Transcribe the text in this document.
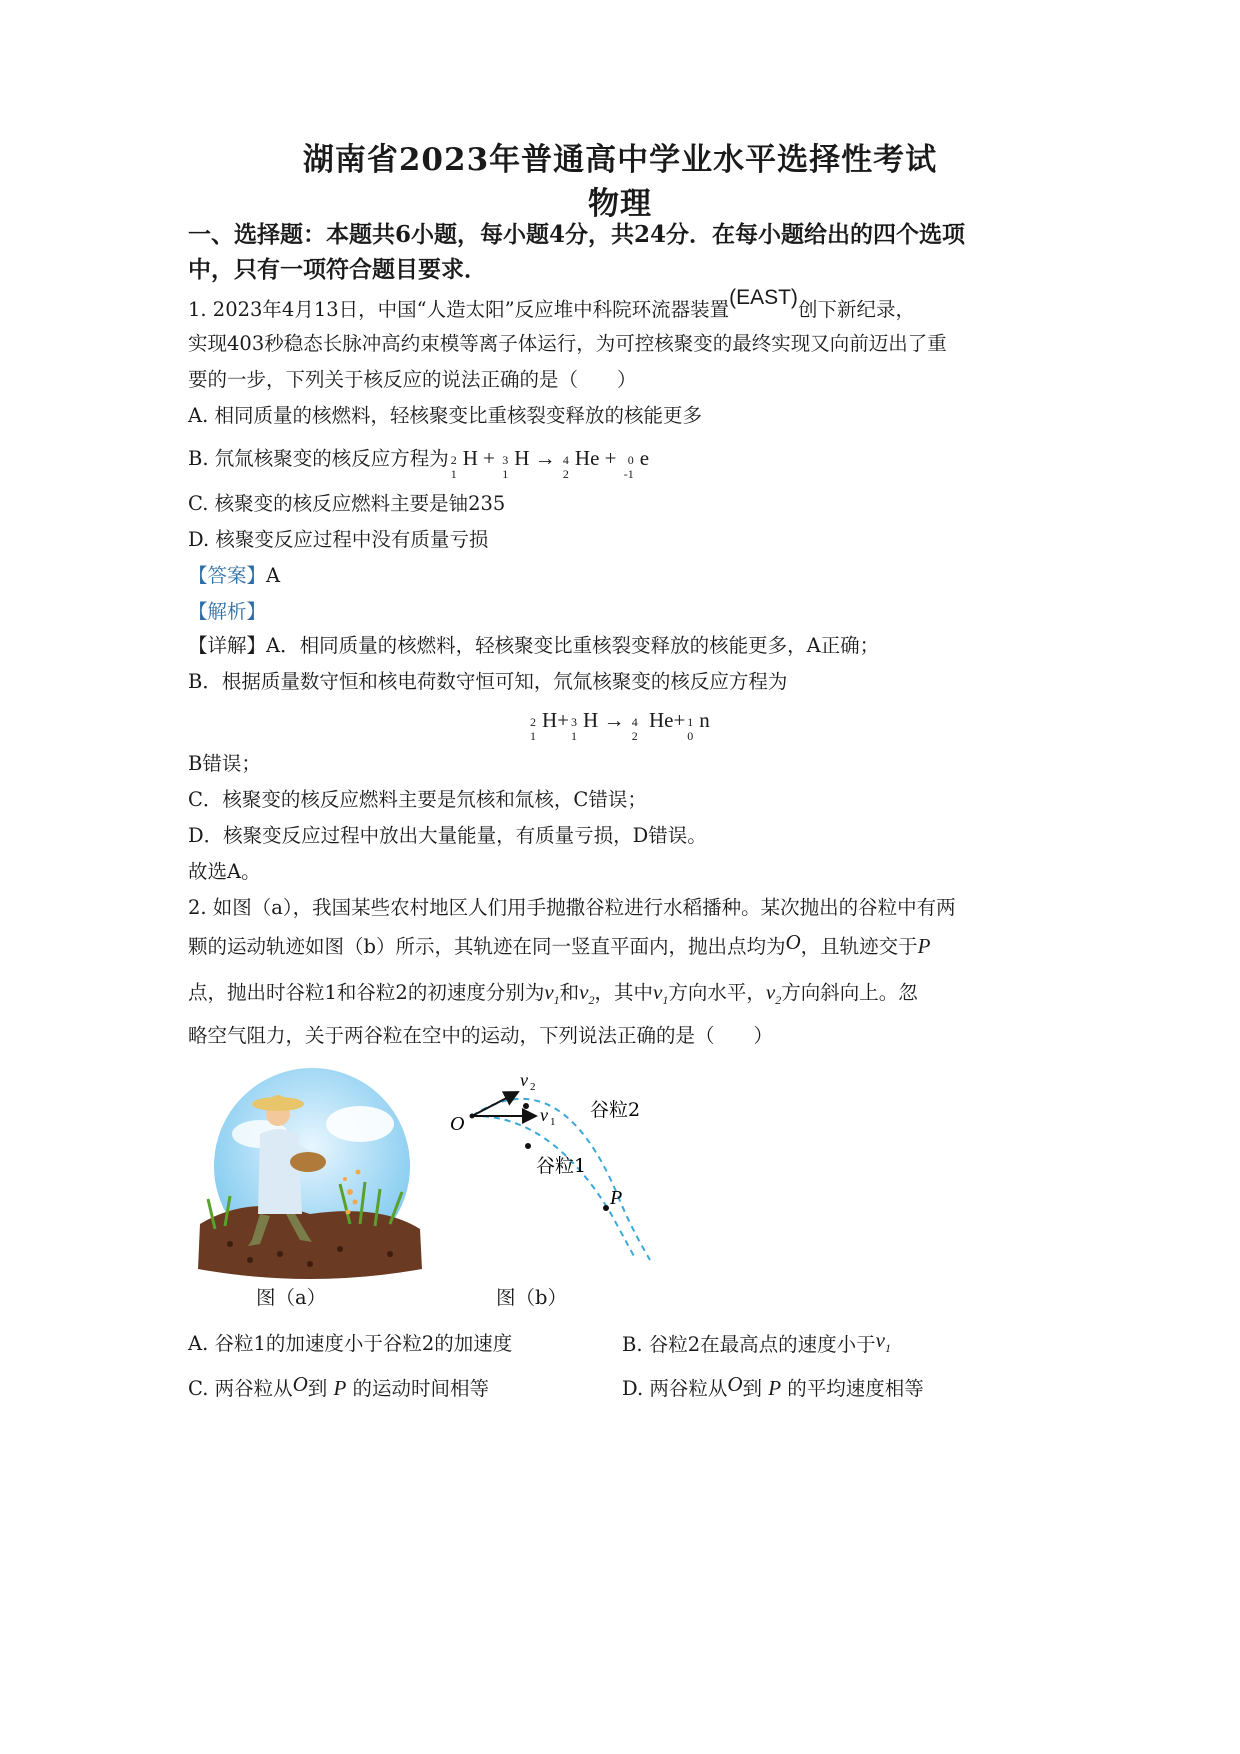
湖南省2023年普通高中学业水平选择性考试
物理
一、选择题：本题共6小题，每小题4分，共24分．在每小题给出的四个选项
中，只有一项符合题目要求．
1. 2023年4月13日，中国“人造太阳”反应堆中科院环流器装置(EAST)创下新纪录，
实现403秒稳态长脉冲高约束模等离子体运行，为可控核聚变的最终实现又向前迈出了重
要的一步，下列关于核反应的说法正确的是（　　）
A. 相同质量的核燃料，轻核聚变比重核裂变释放的核能更多
B. 氘氚核聚变的核反应方程为 2
1
H + 3
1
H → 4
2
He + 0
-1
e
C. 核聚变的核反应燃料主要是铀235
D. 核聚变反应过程中没有质量亏损
【答案】A
【解析】
【详解】A．相同质量的核燃料，轻核聚变比重核裂变释放的核能更多，A正确；
B．根据质量数守恒和核电荷数守恒可知，氘氚核聚变的核反应方程为
2
1
H+ 3
1
H → 4
2
He+ 1
0
n
B错误；
C．核聚变的核反应燃料主要是氘核和氚核，C错误；
D．核聚变反应过程中放出大量能量，有质量亏损，D错误。
故选A。
2. 如图（a），我国某些农村地区人们用手抛撒谷粒进行水稻播种。某次抛出的谷粒中有两
颗的运动轨迹如图（b）所示，其轨迹在同一竖直平面内，抛出点均为O，且轨迹交于P
点，抛出时谷粒1和谷粒2的初速度分别为$v_1$和$v_2$，其中$v_1$方向水平，$v_2$方向斜向上。忽
略空气阻力，关于两谷粒在空中的运动，下列说法正确的是（　　）
图（a）
O	v 1
v 2
谷粒2
谷粒1
P
图（b）
A. 谷粒1的加速度小于谷粒2的加速度	B. 谷粒2在最高点的速度小于$v_1$
C. 两谷粒从O到 P 的运动时间相等	D. 两谷粒从O到 P 的平均速度相等
